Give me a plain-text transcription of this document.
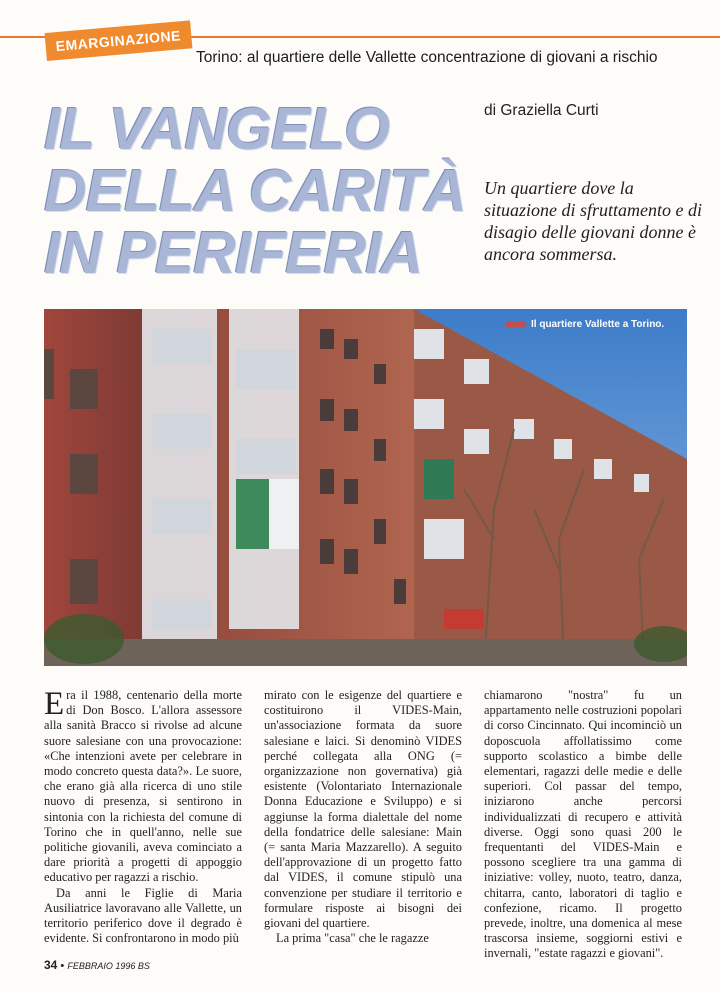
EMARGINAZIONE
Torino: al quartiere delle Vallette concentrazione di giovani a rischio
IL VANGELO
DELLA CARITÀ
IN PERIFERIA
di Graziella Curti
Un quartiere dove la situazione di sfruttamento e di disagio delle giovani donne è ancora sommersa.
Il quartiere Vallette a Torino.

Era il 1988, centenario della morte di Don Bosco. L'allora assessore alla sanità Bracco si rivolse ad alcune suore salesiane con una provocazione: «Che intenzioni avete per celebrare in modo concreto questa data?». Le suore, che erano già alla ricerca di uno stile nuovo di presenza, si sentirono in sintonia con la richiesta del comune di Torino che in quell'anno, nelle sue politiche giovanili, aveva cominciato a dare priorità a progetti di appoggio educativo per ragazzi a rischio.

Da anni le Figlie di Maria Ausiliatrice lavoravano alle Vallette, un territorio periferico dove il degrado è evidente. Si confrontarono in modo più

mirato con le esigenze del quartiere e costituirono il VIDES-Main, un'associazione formata da suore salesiane e laici. Si denominò VIDES perché collegata alla ONG (= organizzazione non governativa) già esistente (Volontariato Internazionale Donna Educazione e Sviluppo) e si aggiunse la forma dialettale del nome della fondatrice delle salesiane: Main (= santa Maria Mazzarello). A seguito dell'approvazione di un progetto fatto dal VIDES, il comune stipulò una convenzione per studiare il territorio e formulare risposte ai bisogni dei giovani del quartiere.

La prima "casa" che le ragazze

chiamarono "nostra" fu un appartamento nelle costruzioni popolari di corso Cincinnato. Qui incominciò un doposcuola affollatissimo come supporto scolastico a bimbe delle elementari, ragazzi delle medie e delle superiori. Col passar del tempo, iniziarono anche percorsi individualizzati di recupero e attività diverse. Oggi sono quasi 200 le frequentanti del VIDES-Main e possono scegliere tra una gamma di iniziative: volley, nuoto, teatro, danza, chitarra, canto, laboratori di taglio e confezione, ricamo. Il progetto prevede, inoltre, una domenica al mese trascorsa insieme, soggiorni estivi e invernali, "estate ragazzi e giovani".

34 • FEBBRAIO 1996 BS
